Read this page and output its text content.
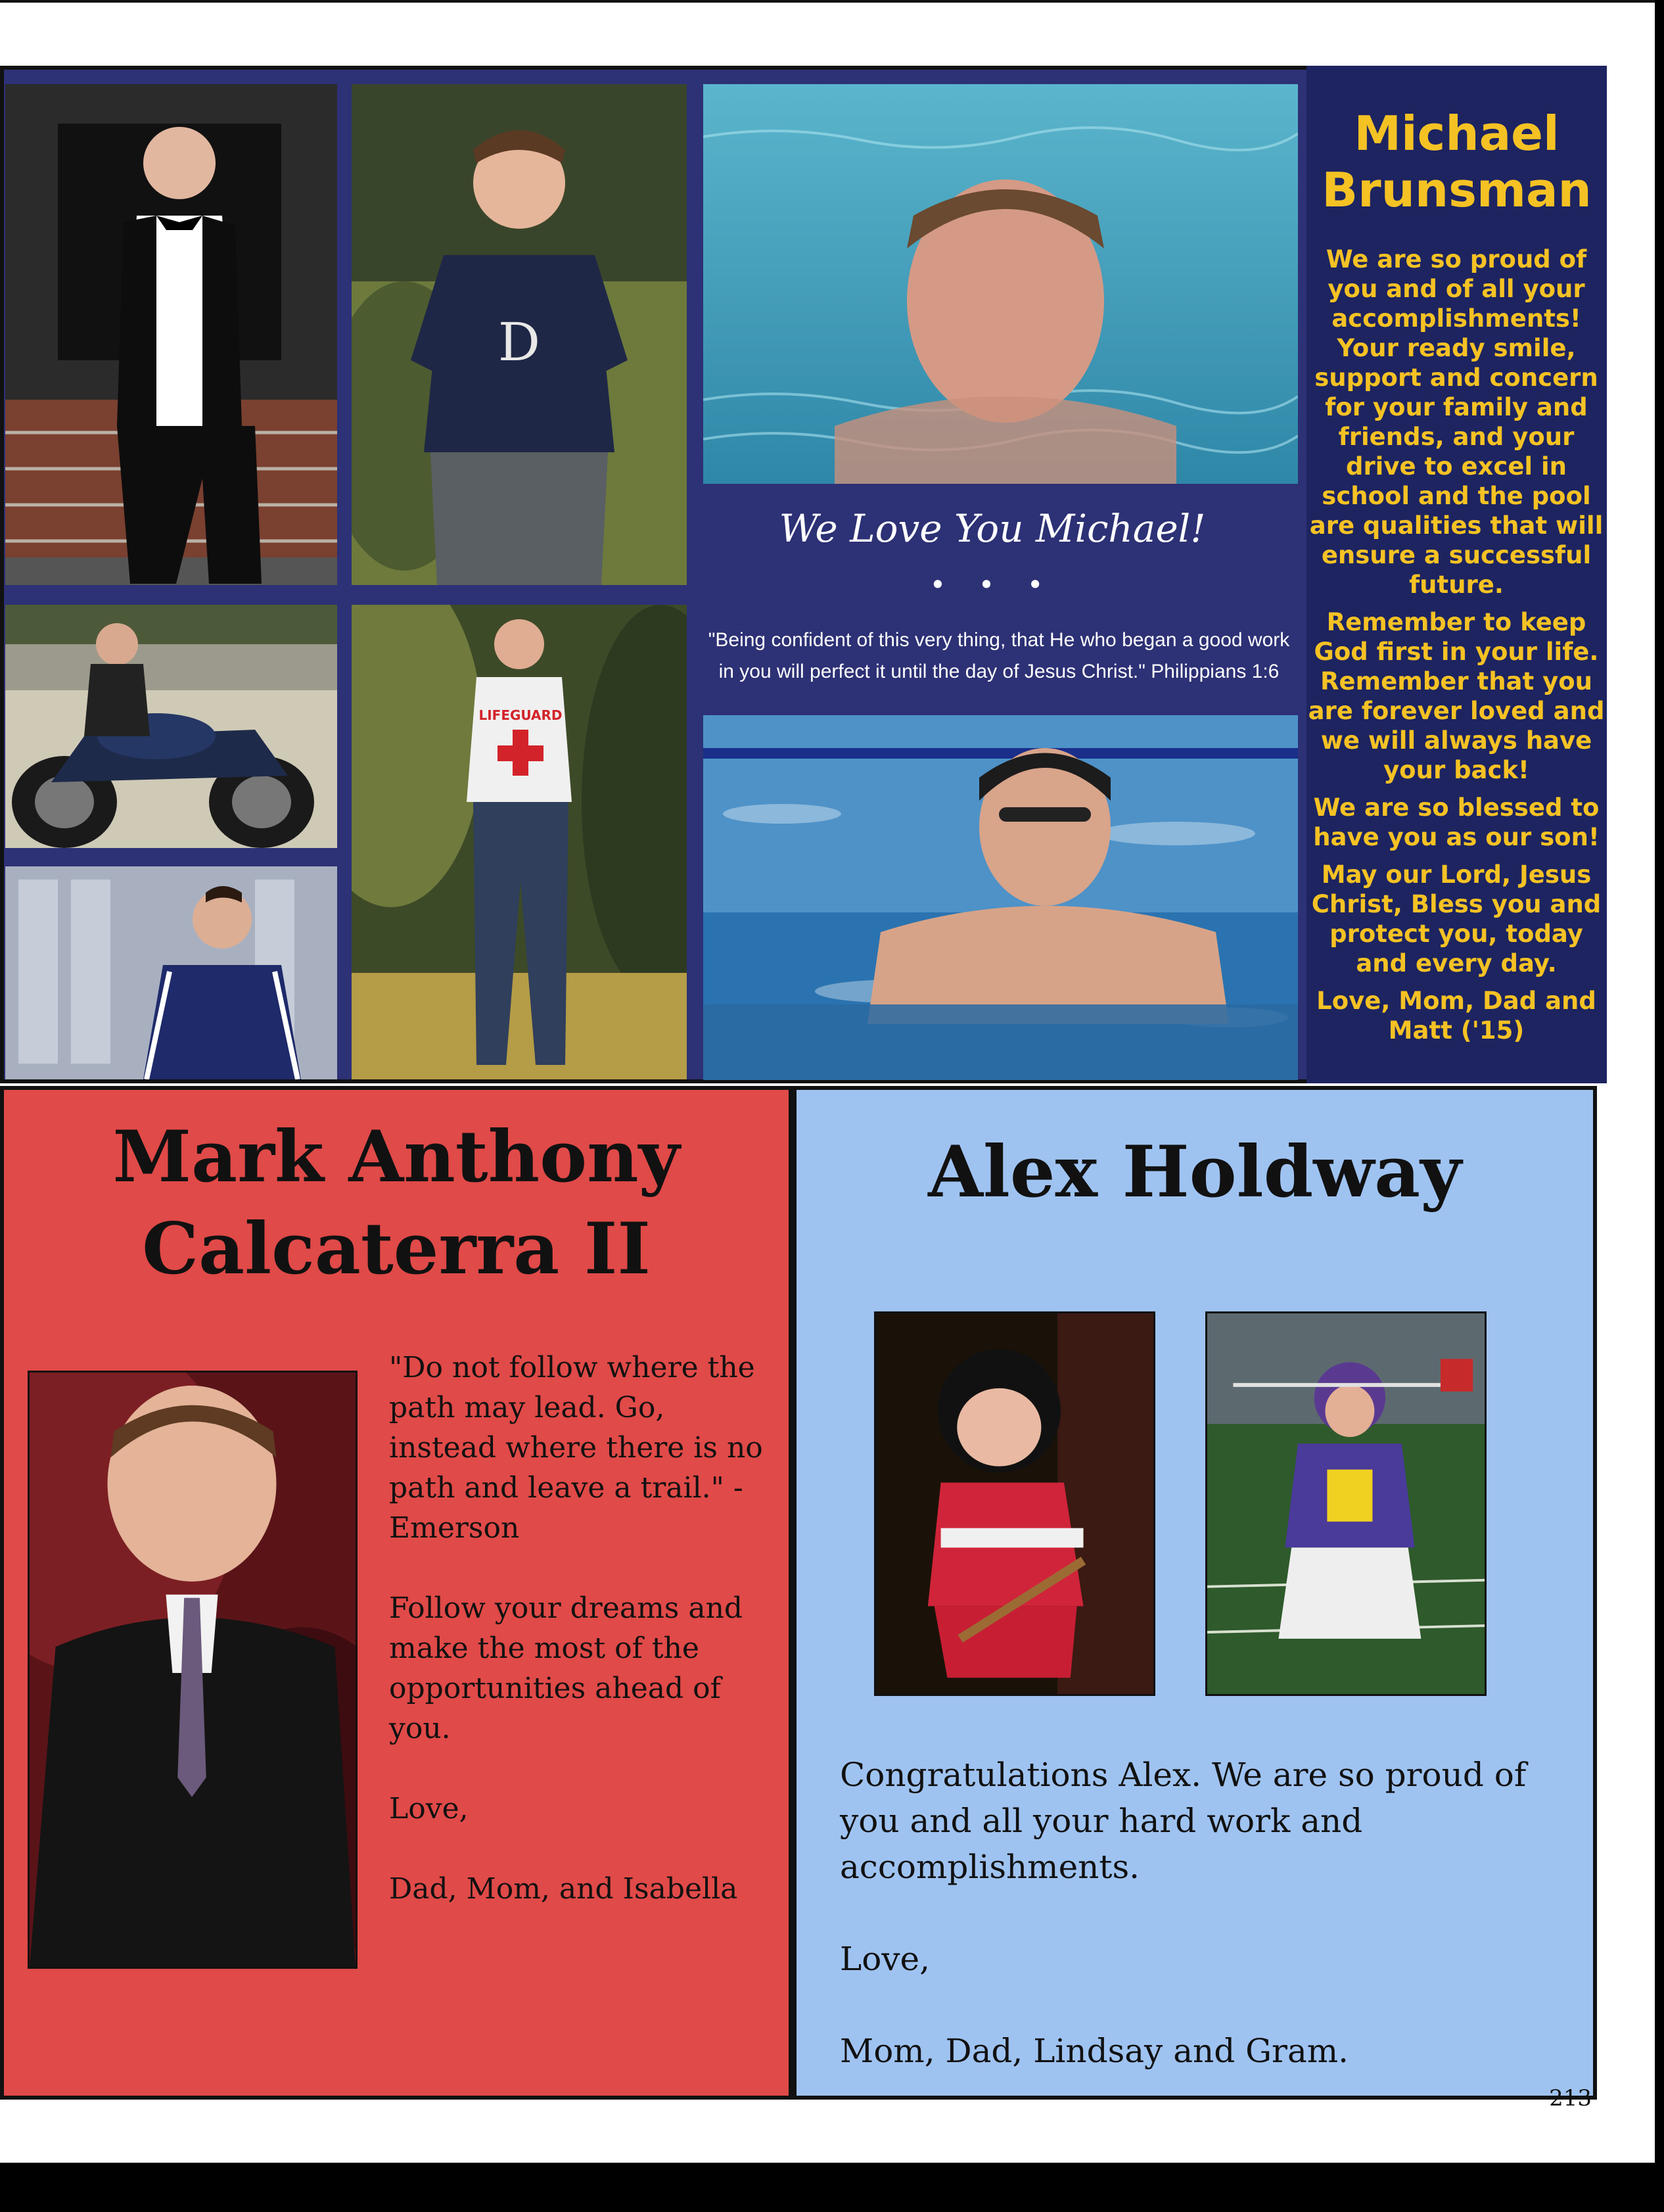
D
We Love You Michael!
• • •
"Being confident of this very thing, that He who began a good work in you will perfect it until the day of Jesus Christ." Philippians 1:6
LIFEGUARD
Michael Brunsman

We are so proud of you and of all your accomplishments! Your ready smile, support and concern for your family and friends, and your drive to excel in school and the pool are qualities that will ensure a successful future.

Remember to keep God first in your life. Remember that you are forever loved and we will always have your back!

We are so blessed to have you as our son!

May our Lord, Jesus Christ, Bless you and protect you, today and every day.

Love, Mom, Dad and Matt ('15)

Mark Anthony
Calcaterra II

"Do not follow where the path may lead. Go, instead where there is no path and leave a trail." -Emerson

Follow your dreams and make the most of the opportunities ahead of you.

Love,

Dad, Mom, and Isabella

Alex Holdway

Congratulations Alex. We are so proud of you and all your hard work and accomplishments.

Love,

Mom, Dad, Lindsay and Gram.

213
